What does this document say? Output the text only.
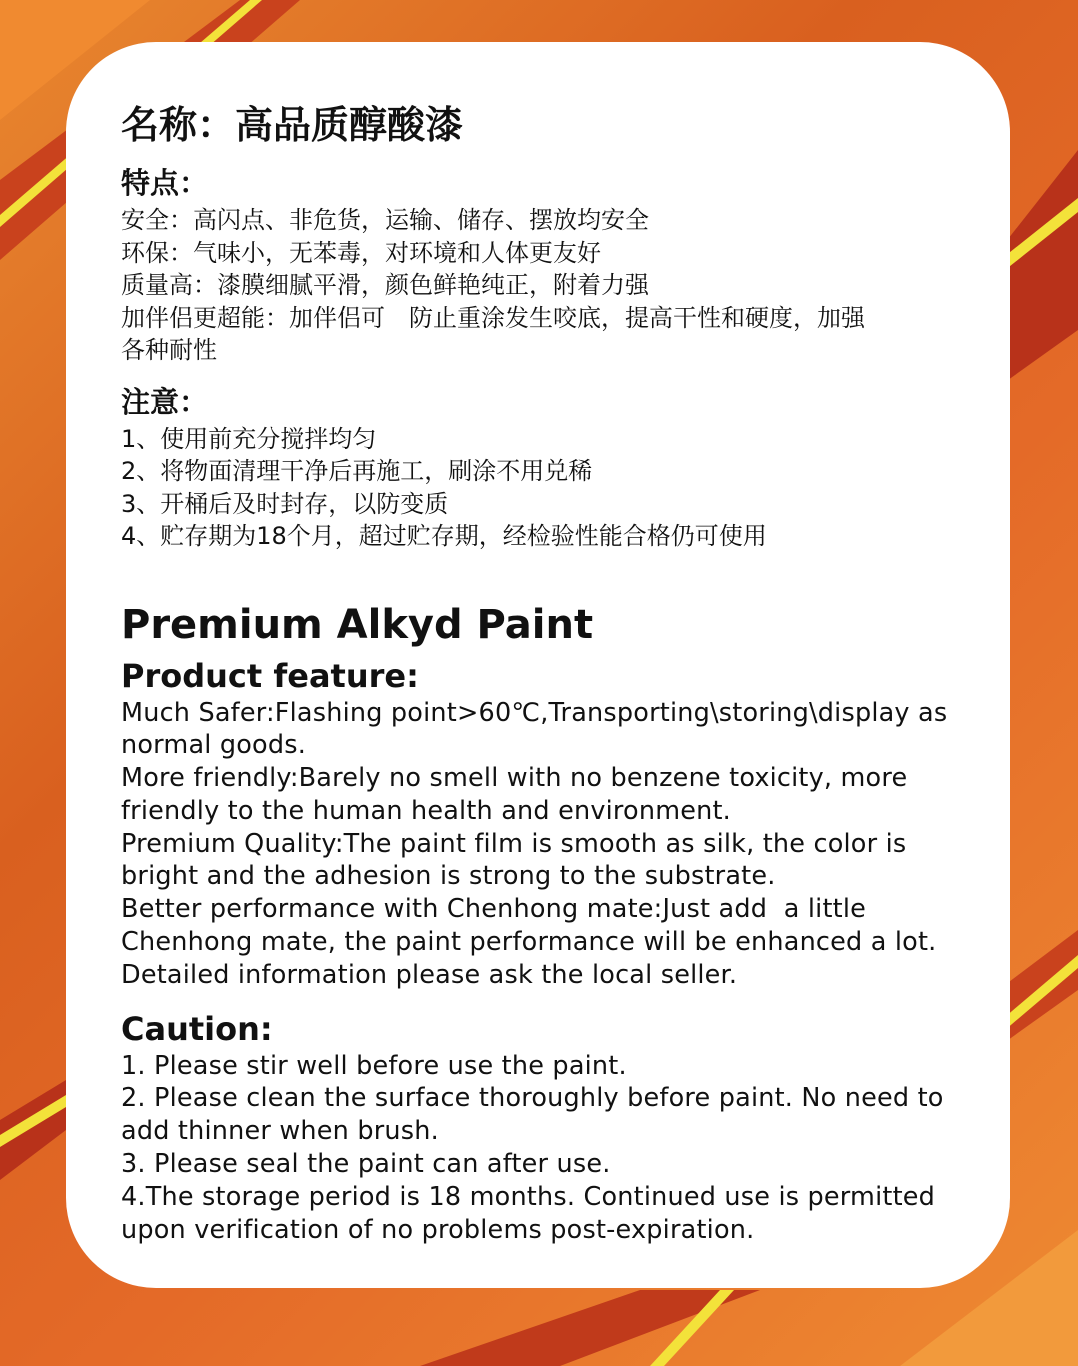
名称：高品质醇酸漆
特点：

安全：高闪点、非危货，运输、储存、摆放均安全

环保：气味小，无苯毒，对环境和人体更友好

质量高：漆膜细腻平滑，颜色鲜艳纯正，附着力强

加伴侣更超能：加伴侣可　防止重涂发生咬底，提高干性和硬度，加强

各种耐性

注意：

1、使用前充分搅拌均匀

2、将物面清理干净后再施工，刷涂不用兑稀

3、开桶后及时封存，以防变质

4、贮存期为18个月，超过贮存期，经检验性能合格仍可使用

Premium Alkyd Paint
Product feature:

Much Safer:Flashing point>60℃,Transporting\storing\display as

normal goods.

More friendly:Barely no smell with no benzene toxicity, more

friendly to the human health and environment.

Premium Quality:The paint film is smooth as silk, the color is

bright and the adhesion is strong to the substrate.

Better performance with Chenhong mate:Just add  a little

Chenhong mate, the paint performance will be enhanced a lot.

Detailed information please ask the local seller.

Caution:

1. Please stir well before use the paint.

2. Please clean the surface thoroughly before paint. No need to

add thinner when brush.

3. Please seal the paint can after use.

4.The storage period is 18 months. Continued use is permitted

upon verification of no problems post-expiration.
